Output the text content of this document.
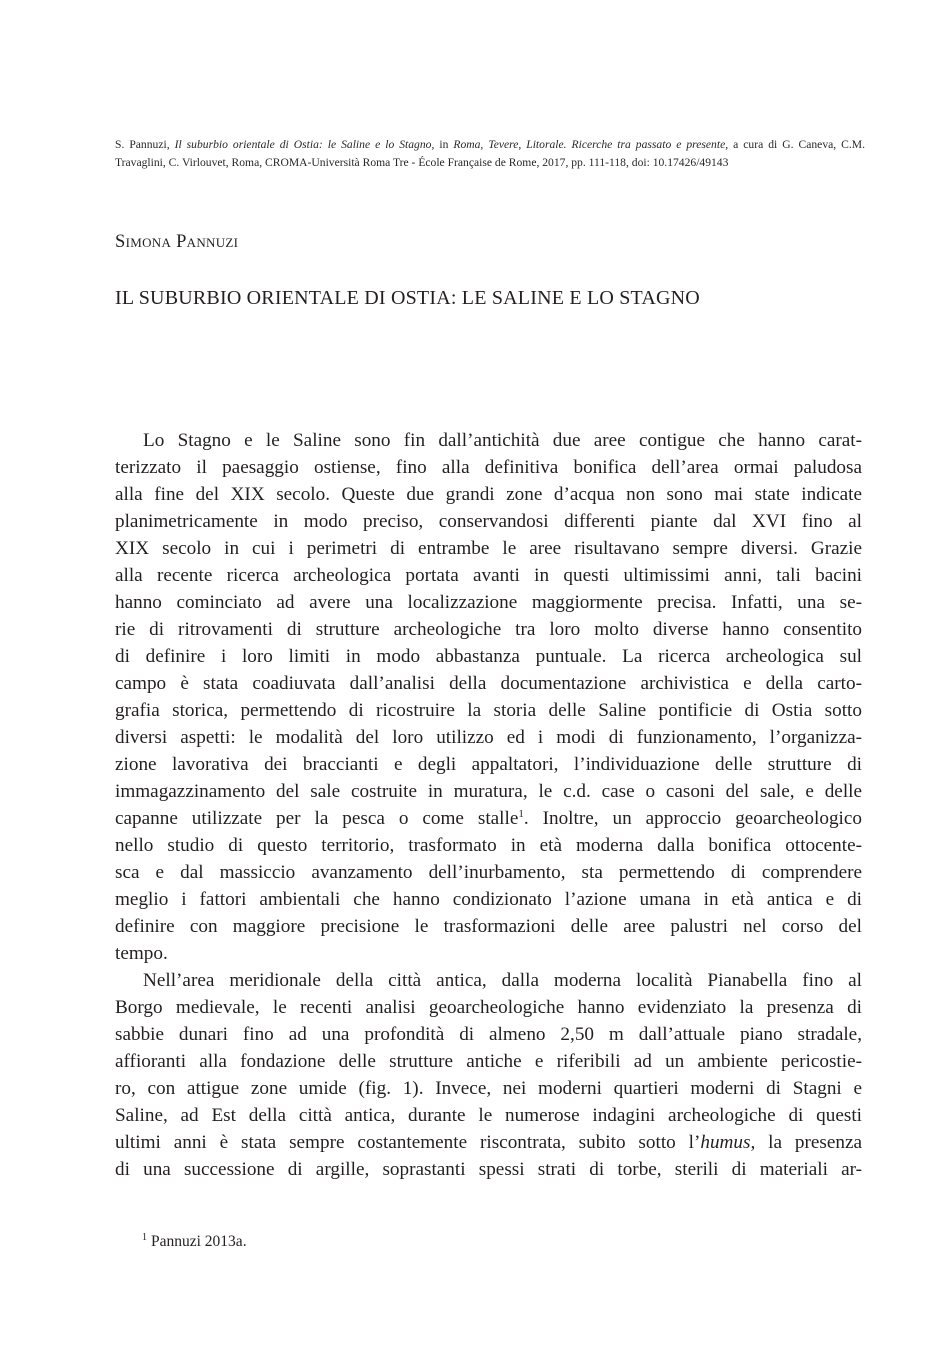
S. Pannuzi, Il suburbio orientale di Ostia: le Saline e lo Stagno, in Roma, Tevere, Litorale. Ricerche tra passato e presente, a cura di G. Caneva, C.M.

Travaglini, C. Virlouvet, Roma, CROMA-Università Roma Tre - École Française de Rome, 2017, pp. 111-118, doi: 10.17426/49143

Simona Pannuzi
IL SUBURBIO ORIENTALE DI OSTIA: LE SALINE E LO STAGNO
Lo Stagno e le Saline sono fin dall’antichità due aree contigue che hanno carat-
terizzato il paesaggio ostiense, fino alla definitiva bonifica dell’area ormai paludosa
alla fine del XIX secolo. Queste due grandi zone d’acqua non sono mai state indicate
planimetricamente in modo preciso, conservandosi differenti piante dal XVI fino al
XIX secolo in cui i perimetri di entrambe le aree risultavano sempre diversi. Grazie
alla recente ricerca archeologica portata avanti in questi ultimissimi anni, tali bacini
hanno cominciato ad avere una localizzazione maggiormente precisa. Infatti, una se-
rie di ritrovamenti di strutture archeologiche tra loro molto diverse hanno consentito
di definire i loro limiti in modo abbastanza puntuale. La ricerca archeologica sul
campo è stata coadiuvata dall’analisi della documentazione archivistica e della carto-
grafia storica, permettendo di ricostruire la storia delle Saline pontificie di Ostia sotto
diversi aspetti: le modalità del loro utilizzo ed i modi di funzionamento, l’organizza-
zione lavorativa dei braccianti e degli appaltatori, l’individuazione delle strutture di
immagazzinamento del sale costruite in muratura, le c.d. case o casoni del sale, e delle
capanne utilizzate per la pesca o come stalle$^1$. Inoltre, un approccio geoarcheologico
nello studio di questo territorio, trasformato in età moderna dalla bonifica ottocente-
sca e dal massiccio avanzamento dell’inurbamento, sta permettendo di comprendere
meglio i fattori ambientali che hanno condizionato l’azione umana in età antica e di
definire con maggiore precisione le trasformazioni delle aree palustri nel corso del
tempo.
Nell’area meridionale della città antica, dalla moderna località Pianabella fino al
Borgo medievale, le recenti analisi geoarcheologiche hanno evidenziato la presenza di
sabbie dunari fino ad una profondità di almeno 2,50 m dall’attuale piano stradale,
affioranti alla fondazione delle strutture antiche e riferibili ad un ambiente pericostie-
ro, con attigue zone umide (fig. 1). Invece, nei moderni quartieri moderni di Stagni e
Saline, ad Est della città antica, durante le numerose indagini archeologiche di questi
ultimi anni è stata sempre costantemente riscontrata, subito sotto l’humus, la presenza
di una successione di argille, soprastanti spessi strati di torbe, sterili di materiali ar-
$^1$ Pannuzi 2013a.
